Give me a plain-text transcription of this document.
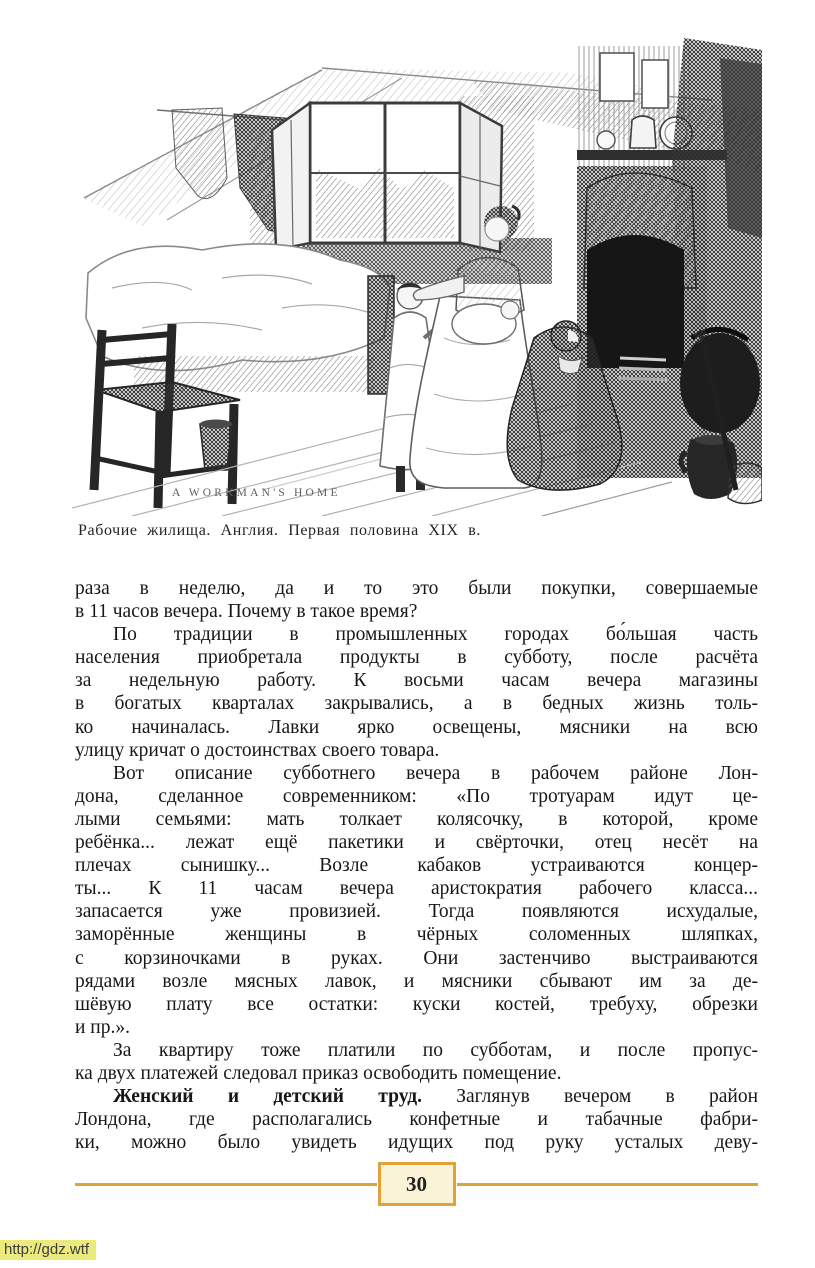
A WORKMAN'S HOME
Рабочие жилища. Англия. Первая половина XIX в.
раза в неделю, да и то это были покупки, совершаемые
в 11 часов вечера. Почему в такое время?
По традиции в промышленных городах бо́льшая часть
населения приобретала продукты в субботу, после расчёта
за недельную работу. К восьми часам вечера магазины
в богатых кварталах закрывались, а в бедных жизнь толь-
ко начиналась. Лавки ярко освещены, мясники на всю
улицу кричат о достоинствах своего товара.
Вот описание субботнего вечера в рабочем районе Лон-
дона, сделанное современником: «По тротуарам идут це-
лыми семьями: мать толкает колясочку, в которой, кроме
ребёнка... лежат ещё пакетики и свёрточки, отец несёт на
плечах сынишку... Возле кабаков устраиваются концер-
ты... К 11 часам вечера аристократия рабочего класса...
запасается уже провизией. Тогда появляются исхудалые,
заморённые женщины в чёрных соломенных шляпках,
с корзиночками в руках. Они застенчиво выстраиваются
рядами возле мясных лавок, и мясники сбывают им за де-
шёвую плату все остатки: куски костей, требуху, обрезки
и пр.».
За квартиру тоже платили по субботам, и после пропус-
ка двух платежей следовал приказ освободить помещение.
Женский и детский труд. Заглянув вечером в район
Лондона, где располагались конфетные и табачные фабри-
ки, можно было увидеть идущих под руку усталых деву-
30
http://gdz.wtf
